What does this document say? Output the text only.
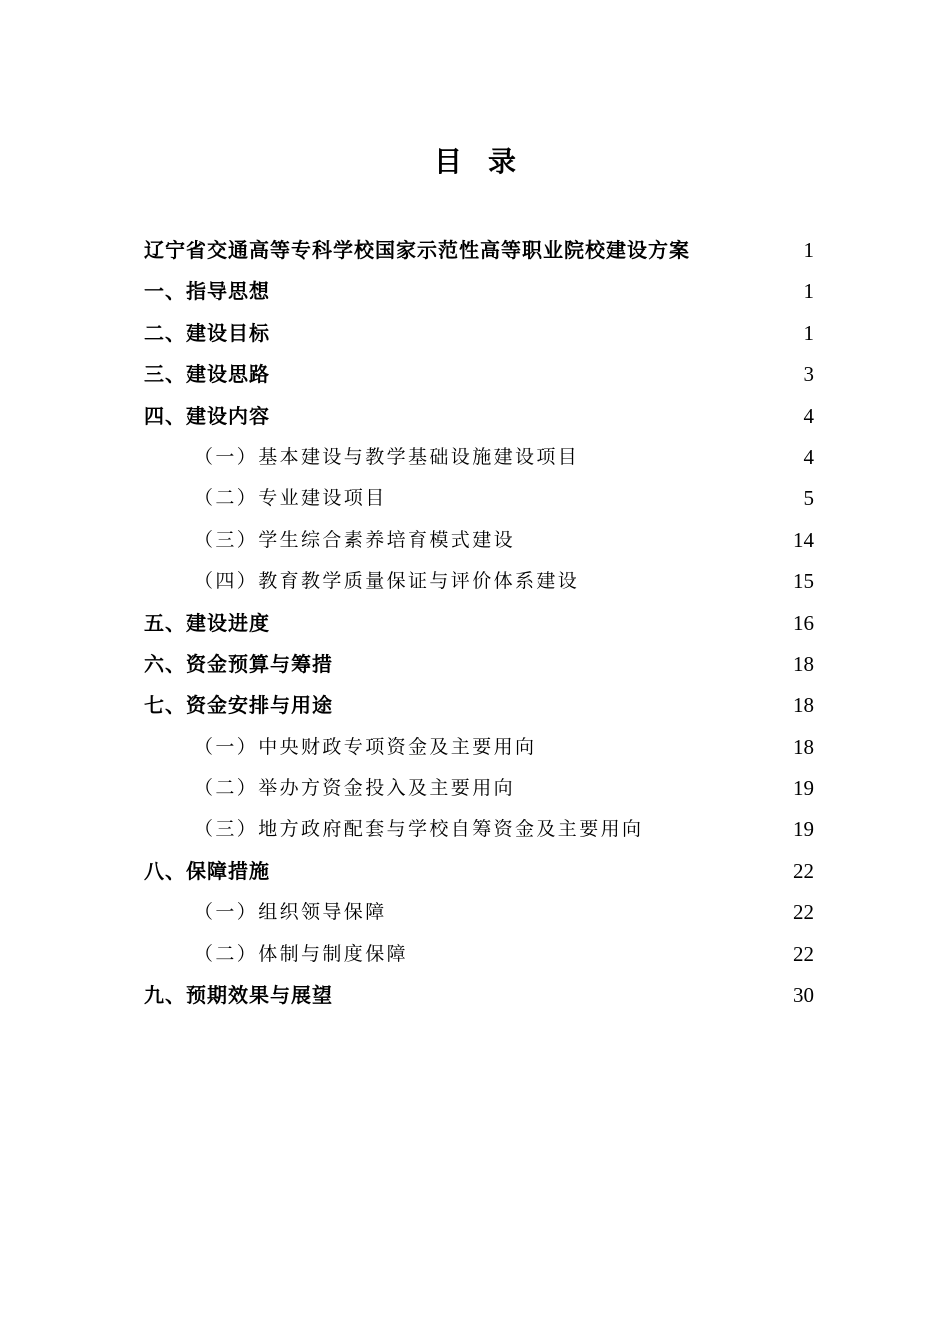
目录
辽宁省交通高等专科学校国家示范性高等职业院校建设方案	1
一、指导思想	1
二、建设目标	1
三、建设思路	3
四、建设内容	4
（一）基本建设与教学基础设施建设项目	4
（二）专业建设项目	5
（三）学生综合素养培育模式建设	14
（四）教育教学质量保证与评价体系建设	15
五、建设进度	16
六、资金预算与筹措	18
七、资金安排与用途	18
（一）中央财政专项资金及主要用向	18
（二）举办方资金投入及主要用向	19
（三）地方政府配套与学校自筹资金及主要用向	19
八、保障措施	22
（一）组织领导保障	22
（二）体制与制度保障	22
九、预期效果与展望	30
